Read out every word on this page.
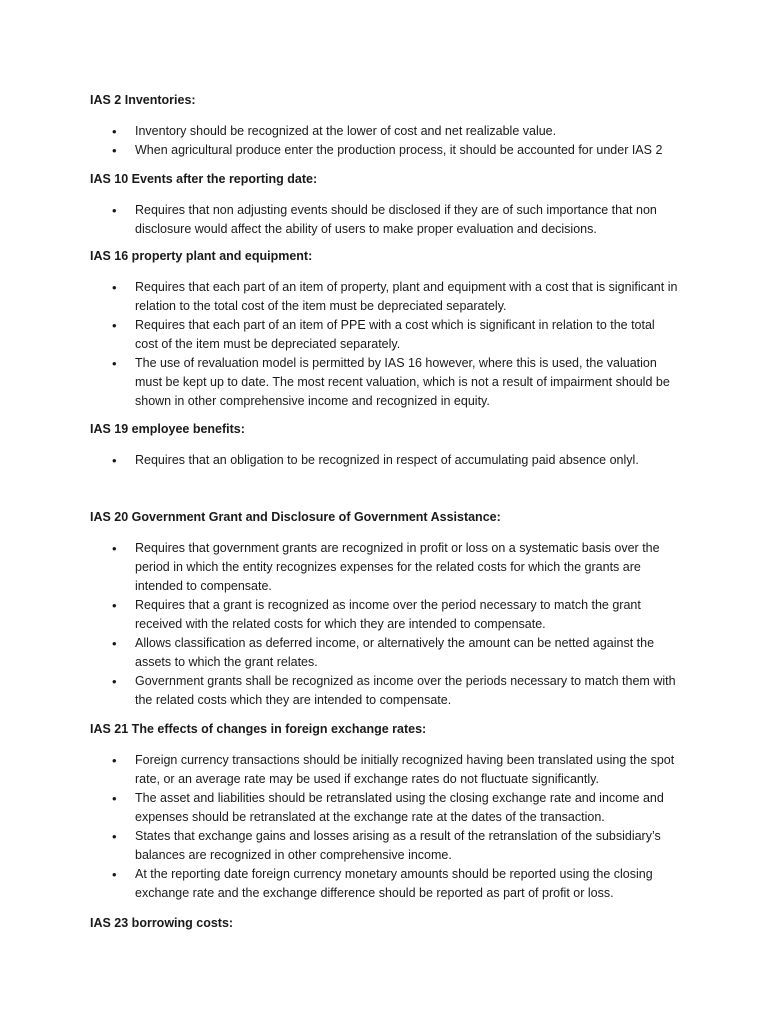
IAS 2 Inventories:

• Inventory should be recognized at the lower of cost and net realizable value.
• When agricultural produce enter the production process, it should be accounted for under IAS 2

IAS 10 Events after the reporting date:

• Requires that non adjusting events should be disclosed if they are of such importance that non disclosure would affect the ability of users to make proper evaluation and decisions.

IAS 16 property plant and equipment:

• Requires that each part of an item of property, plant and equipment with a cost that is significant in relation to the total cost of the item must be depreciated separately.
• Requires that each part of an item of PPE with a cost which is significant in relation to the total cost of the item must be depreciated separately.
• The use of revaluation model is permitted by IAS 16 however, where this is used, the valuation must be kept up to date. The most recent valuation, which is not a result of impairment should be shown in other comprehensive income and recognized in equity.

IAS 19 employee benefits:

• Requires that an obligation to be recognized in respect of accumulating paid absence onlyl.

IAS 20 Government Grant and Disclosure of Government Assistance:

• Requires that government grants are recognized in profit or loss on a systematic basis over the period in which the entity recognizes expenses for the related costs for which the grants are intended to compensate.
• Requires that a grant is recognized as income over the period necessary to match the grant received with the related costs for which they are intended to compensate.
• Allows classification as deferred income, or alternatively the amount can be netted against the assets to which the grant relates.
• Government grants shall be recognized as income over the periods necessary to match them with the related costs which they are intended to compensate.

IAS 21 The effects of changes in foreign exchange rates:

• Foreign currency transactions should be initially recognized having been translated using the spot rate, or an average rate may be used if exchange rates do not fluctuate significantly.
• The asset and liabilities should be retranslated using the closing exchange rate and income and expenses should be retranslated at the exchange rate at the dates of the transaction.
• States that exchange gains and losses arising as a result of the retranslation of the subsidiary’s balances are recognized in other comprehensive income.
• At the reporting date foreign currency monetary amounts should be reported using the closing exchange rate and the exchange difference should be reported as part of profit or loss.

IAS 23 borrowing costs:
